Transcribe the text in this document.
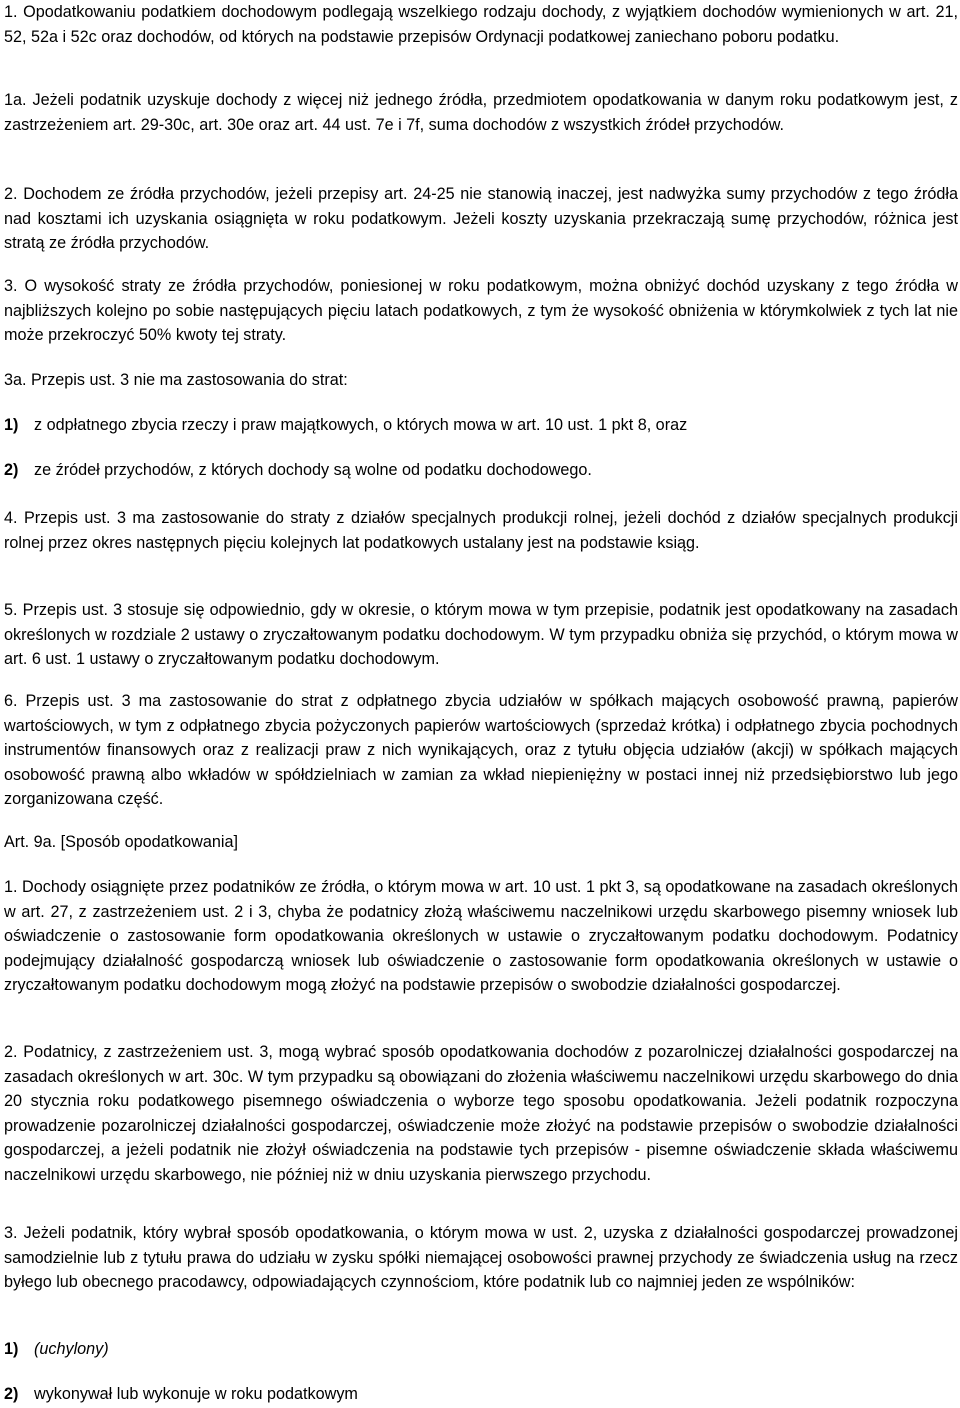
1. Opodatkowaniu podatkiem dochodowym podlegają wszelkiego rodzaju dochody, z wyjątkiem dochodów wymienionych w art. 21, 52, 52a i 52c oraz dochodów, od których na podstawie przepisów Ordynacji podatkowej zaniechano poboru podatku.

1a. Jeżeli podatnik uzyskuje dochody z więcej niż jednego źródła, przedmiotem opodatkowania w danym roku podatkowym jest, z zastrzeżeniem art. 29-30c, art. 30e oraz art. 44 ust. 7e i 7f, suma dochodów z wszystkich źródeł przychodów.

2. Dochodem ze źródła przychodów, jeżeli przepisy art. 24-25 nie stanowią inaczej, jest nadwyżka sumy przychodów z tego źródła nad kosztami ich uzyskania osiągnięta w roku podatkowym. Jeżeli koszty uzyskania przekraczają sumę przychodów, różnica jest stratą ze źródła przychodów.

3. O wysokość straty ze źródła przychodów, poniesionej w roku podatkowym, można obniżyć dochód uzyskany z tego źródła w najbliższych kolejno po sobie następujących pięciu latach podatkowych, z tym że wysokość obniżenia w którymkolwiek z tych lat nie może przekroczyć 50% kwoty tej straty.

3a. Przepis ust. 3 nie ma zastosowania do strat:

1) z odpłatnego zbycia rzeczy i praw majątkowych, o których mowa w art. 10 ust. 1 pkt 8, oraz
2) ze źródeł przychodów, z których dochody są wolne od podatku dochodowego.

4. Przepis ust. 3 ma zastosowanie do straty z działów specjalnych produkcji rolnej, jeżeli dochód z działów specjalnych produkcji rolnej przez okres następnych pięciu kolejnych lat podatkowych ustalany jest na podstawie ksiąg.

5. Przepis ust. 3 stosuje się odpowiednio, gdy w okresie, o którym mowa w tym przepisie, podatnik jest opodatkowany na zasadach określonych w rozdziale 2 ustawy o zryczałtowanym podatku dochodowym. W tym przypadku obniża się przychód, o którym mowa w art. 6 ust. 1 ustawy o zryczałtowanym podatku dochodowym.

6. Przepis ust. 3 ma zastosowanie do strat z odpłatnego zbycia udziałów w spółkach mających osobowość prawną, papierów wartościowych, w tym z odpłatnego zbycia pożyczonych papierów wartościowych (sprzedaż krótka) i odpłatnego zbycia pochodnych instrumentów finansowych oraz z realizacji praw z nich wynikających, oraz z tytułu objęcia udziałów (akcji) w spółkach mających osobowość prawną albo wkładów w spółdzielniach w zamian za wkład niepieniężny w postaci innej niż przedsiębiorstwo lub jego zorganizowana część.

Art. 9a. [Sposób opodatkowania]

1. Dochody osiągnięte przez podatników ze źródła, o którym mowa w art. 10 ust. 1 pkt 3, są opodatkowane na zasadach określonych w art. 27, z zastrzeżeniem ust. 2 i 3, chyba że podatnicy złożą właściwemu naczelnikowi urzędu skarbowego pisemny wniosek lub oświadczenie o zastosowanie form opodatkowania określonych w ustawie o zryczałtowanym podatku dochodowym. Podatnicy podejmujący działalność gospodarczą wniosek lub oświadczenie o zastosowanie form opodatkowania określonych w ustawie o zryczałtowanym podatku dochodowym mogą złożyć na podstawie przepisów o swobodzie działalności gospodarczej.

2. Podatnicy, z zastrzeżeniem ust. 3, mogą wybrać sposób opodatkowania dochodów z pozarolniczej działalności gospodarczej na zasadach określonych w art. 30c. W tym przypadku są obowiązani do złożenia właściwemu naczelnikowi urzędu skarbowego do dnia 20 stycznia roku podatkowego pisemnego oświadczenia o wyborze tego sposobu opodatkowania. Jeżeli podatnik rozpoczyna prowadzenie pozarolniczej działalności gospodarczej, oświadczenie może złożyć na podstawie przepisów o swobodzie działalności gospodarczej, a jeżeli podatnik nie złożył oświadczenia na podstawie tych przepisów - pisemne oświadczenie składa właściwemu naczelnikowi urzędu skarbowego, nie później niż w dniu uzyskania pierwszego przychodu.

3. Jeżeli podatnik, który wybrał sposób opodatkowania, o którym mowa w ust. 2, uzyska z działalności gospodarczej prowadzonej samodzielnie lub z tytułu prawa do udziału w zysku spółki niemającej osobowości prawnej przychody ze świadczenia usług na rzecz byłego lub obecnego pracodawcy, odpowiadających czynnościom, które podatnik lub co najmniej jeden ze wspólników:

1) (uchylony)
2) wykonywał lub wykonuje w roku podatkowym
